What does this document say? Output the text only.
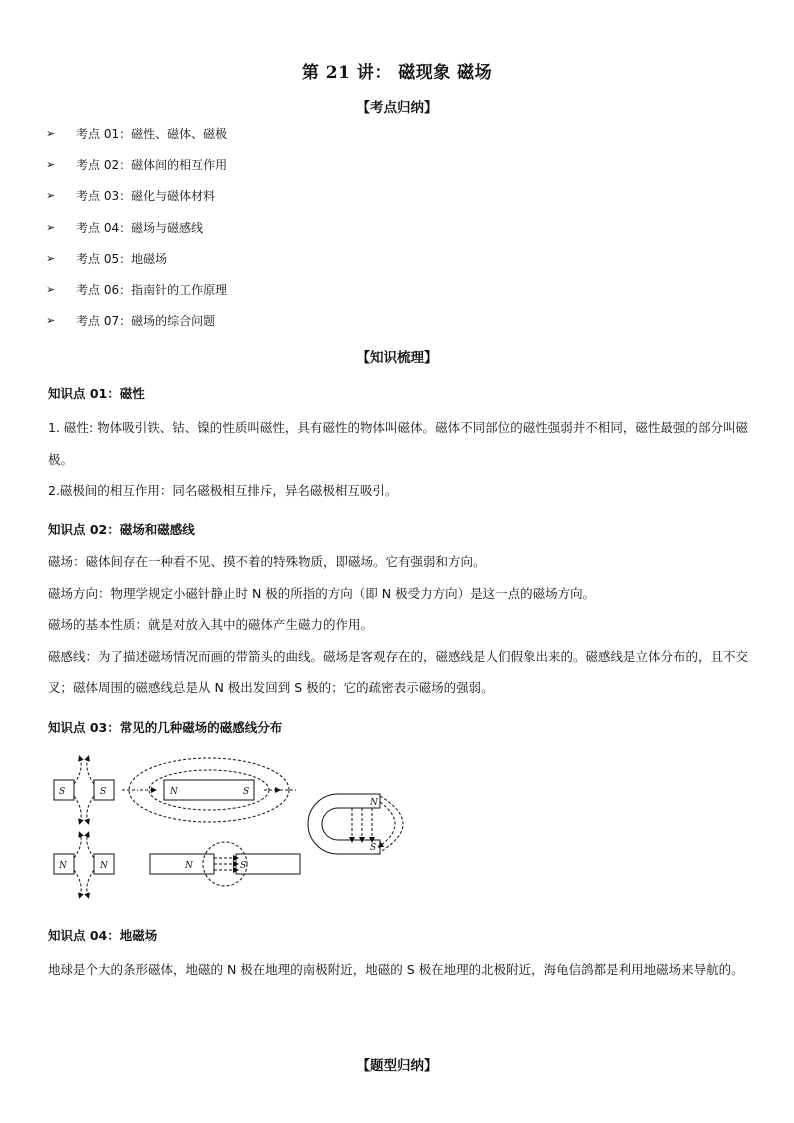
第 21 讲： 磁现象 磁场
【考点归纳】
➢	考点 01：磁性、磁体、磁极
➢	考点 02：磁体间的相互作用
➢	考点 03：磁化与磁体材料
➢	考点 04：磁场与磁感线
➢	考点 05：地磁场
➢	考点 06：指南针的工作原理
➢	考点 07：磁场的综合问题
【知识梳理】
知识点 01：磁性

1. 磁性: 物体吸引铁、钴、镍的性质叫磁性，具有磁性的物体叫磁体。磁体不同部位的磁性强弱并不相同，磁性最强的部分叫磁极。

2.磁极间的相互作用：同名磁极相互排斥，异名磁极相互吸引。

知识点 02：磁场和磁感线

磁场：磁体间存在一种看不见、摸不着的特殊物质，即磁场。它有强弱和方向。

磁场方向：物理学规定小磁针静止时 N 极的所指的方向（即 N 极受力方向）是这一点的磁场方向。

磁场的基本性质：就是对放入其中的磁体产生磁力的作用。

磁感线：为了描述磁场情况而画的带箭头的曲线。磁场是客观存在的，磁感线是人们假象出来的。磁感线是立体分布的，且不交叉；磁体周围的磁感线总是从 N 极出发回到 S 极的；它的疏密表示磁场的强弱。

知识点 03：常见的几种磁场的磁感线分布
S	S
N	N
N	S
N	S
N
S
知识点 04：地磁场

地球是个大的条形磁体，地磁的 N 极在地理的南极附近，地磁的 S 极在地理的北极附近，海龟信鸽都是利用地磁场来导航的。

【题型归纳】
